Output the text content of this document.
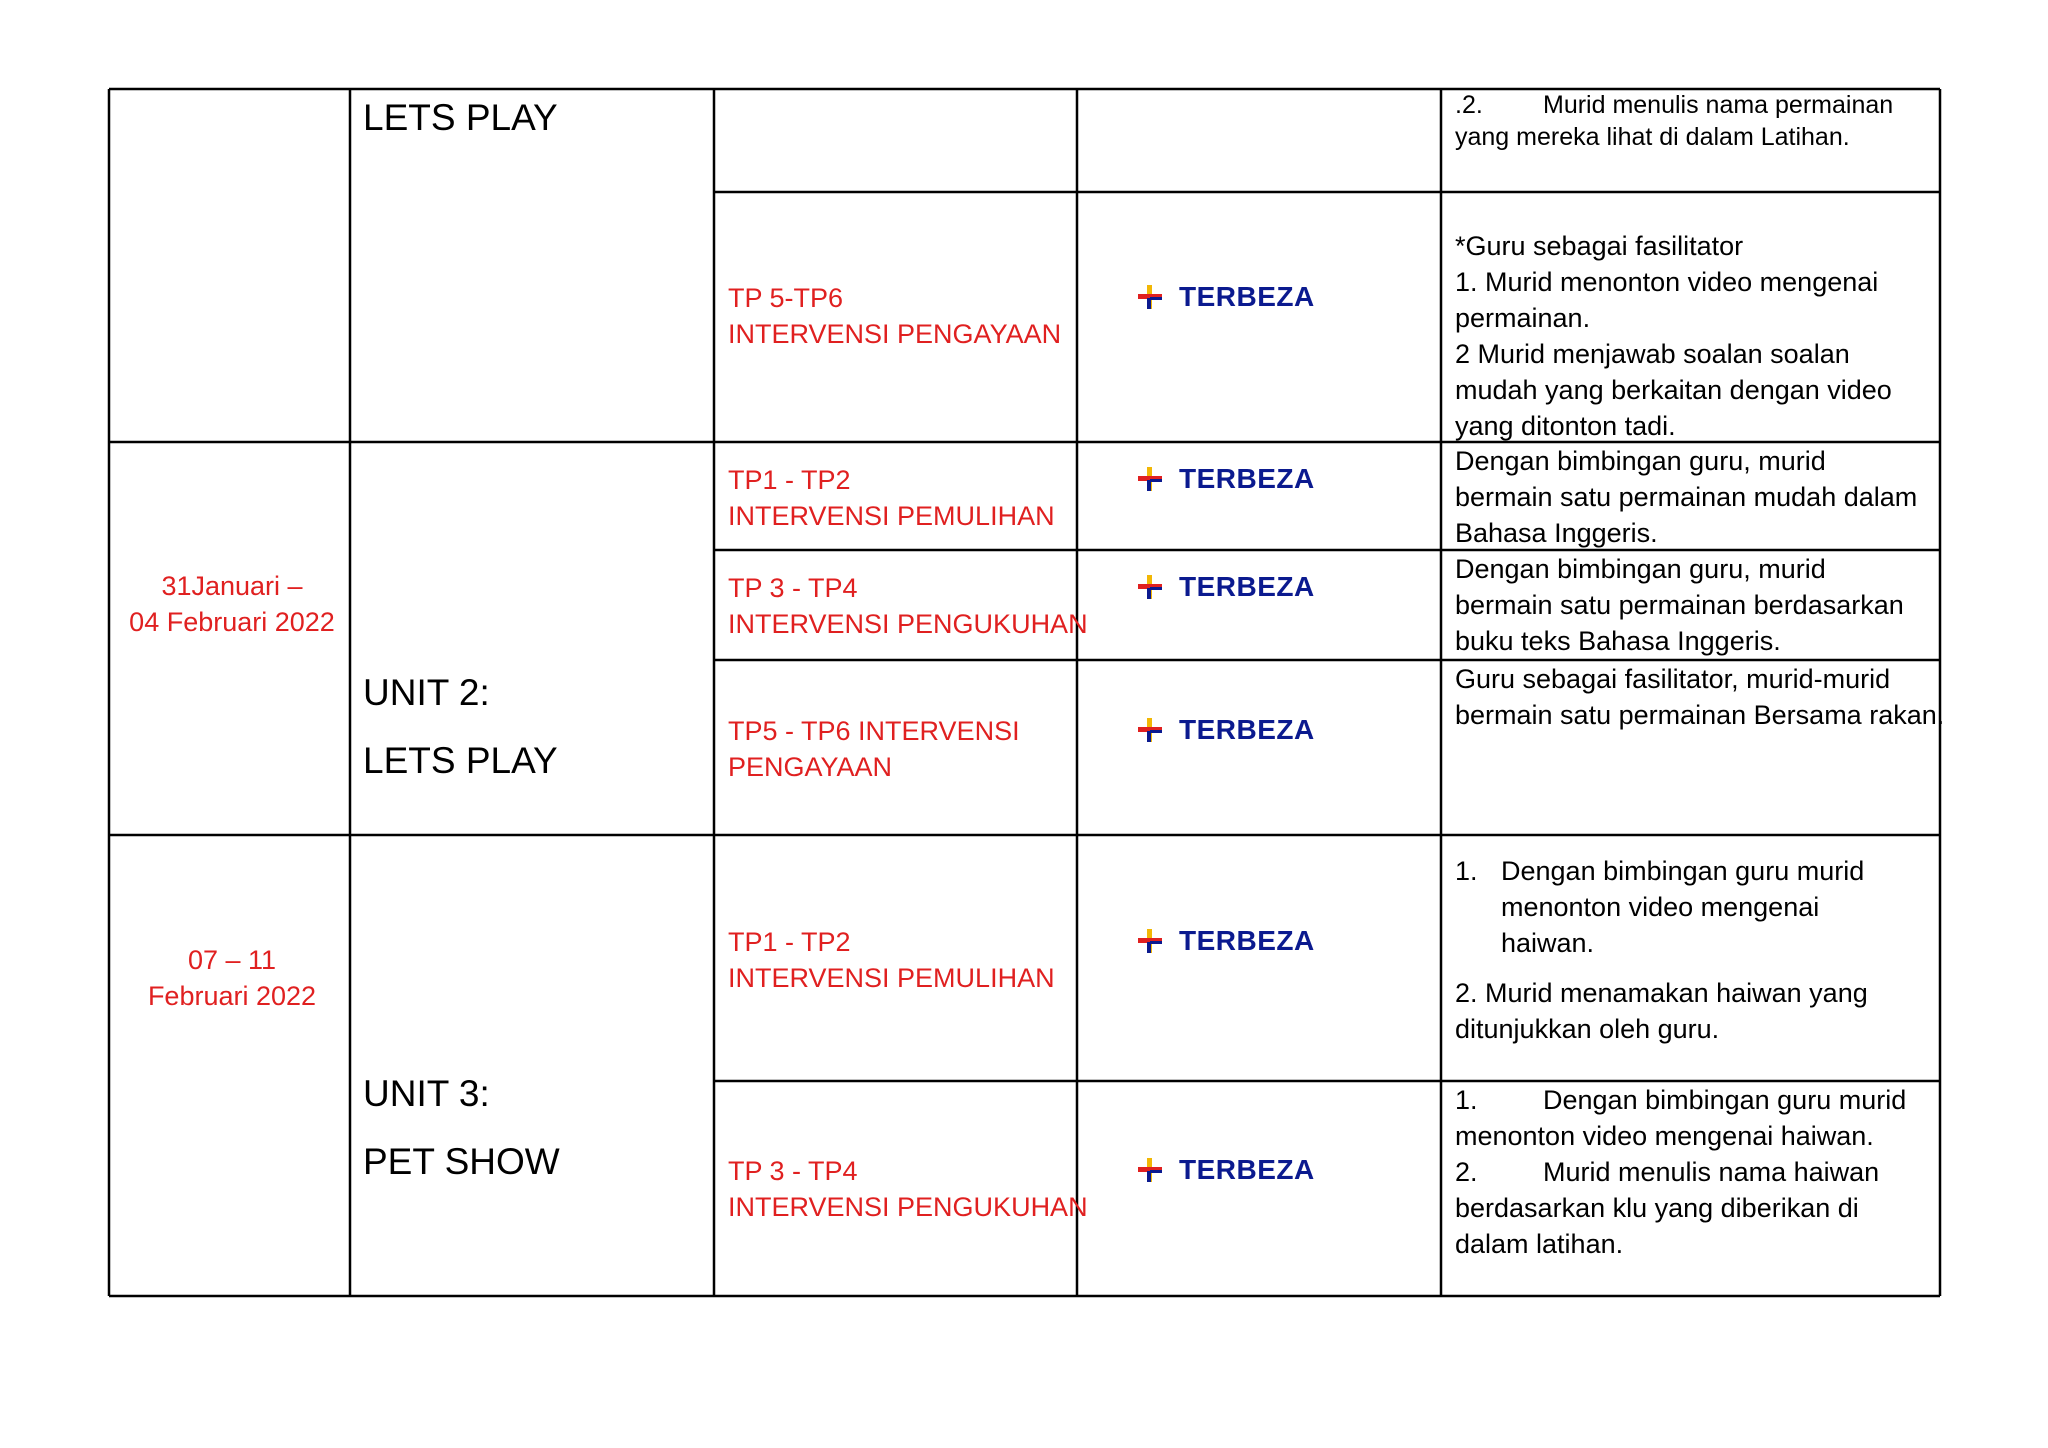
LETS PLAY	.2. Murid menulis nama permainan
yang mereka lihat di dalam Latihan.
TP 5-TP6
INTERVENSI PENGAYAAN
TERBEZA
*Guru sebagai fasilitator
1. Murid menonton video mengenai
permainan.
2 Murid menjawab soalan soalan
mudah yang berkaitan dengan video
yang ditonton tadi.
31Januari –
04 Februari 2022
UNIT 2:
LETS PLAY
TP1 - TP2
INTERVENSI PEMULIHAN
TERBEZA
Dengan bimbingan guru, murid
bermain satu permainan mudah dalam
Bahasa Inggeris.
TP 3 - TP4
INTERVENSI PENGUKUHAN
TERBEZA
Dengan bimbingan guru, murid
bermain satu permainan berdasarkan
buku teks Bahasa Inggeris.
TP5 - TP6 INTERVENSI
PENGAYAAN
TERBEZA
Guru sebagai fasilitator, murid-murid
bermain satu permainan Bersama rakan.
07 – 11
Februari 2022
UNIT 3:
PET SHOW
TP1 - TP2
INTERVENSI PEMULIHAN
TERBEZA
1. Dengan bimbingan guru murid
menonton video mengenai
haiwan.
2. Murid menamakan haiwan yang
ditunjukkan oleh guru.
TP 3 - TP4
INTERVENSI PENGUKUHAN
TERBEZA
1. Dengan bimbingan guru murid
menonton video mengenai haiwan.
2. Murid menulis nama haiwan
berdasarkan klu yang diberikan di
dalam latihan.
